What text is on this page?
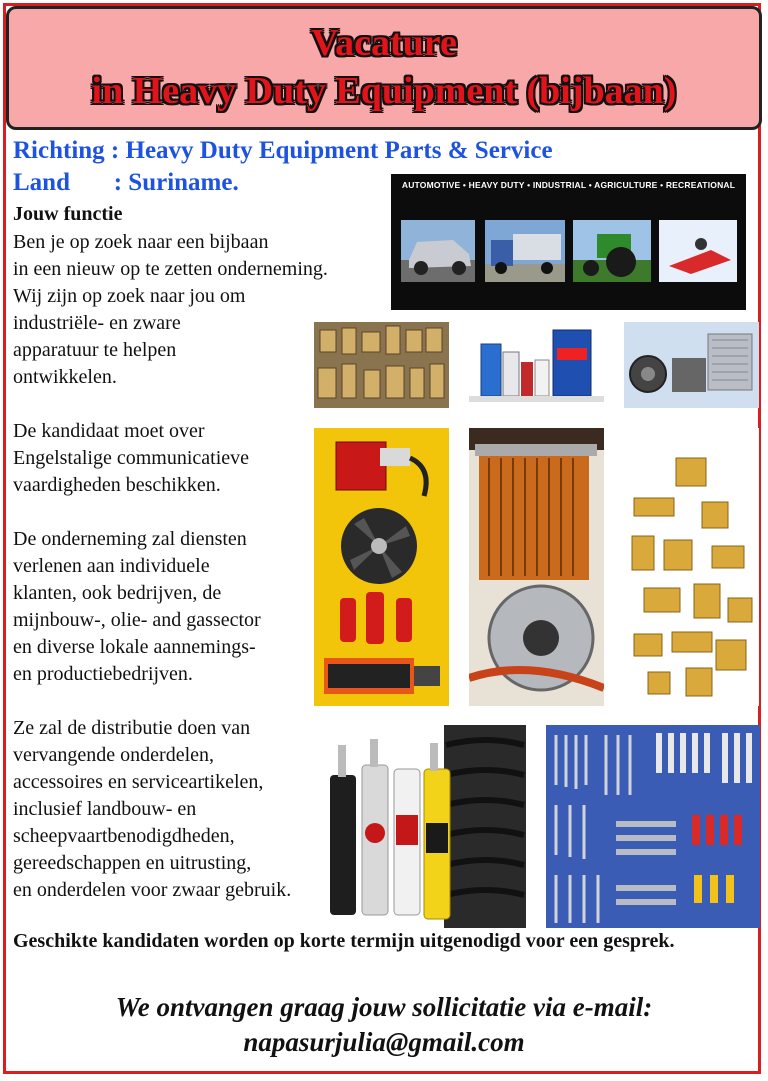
Vacature
in Heavy Duty Equipment (bijbaan)
Richting : Heavy Duty Equipment Parts & Service
Land       : Suriname.
Jouw functie
Ben je op zoek naar een bijbaan
in een nieuw op te zetten onderneming.
Wij zijn op zoek naar jou om
industriële- en zware
apparatuur te helpen
ontwikkelen.
De kandidaat moet over
Engelstalige communicatieve
vaardigheden beschikken.
De onderneming zal diensten
verlenen aan individuele
klanten, ook bedrijven, de
mijnbouw-, olie- and gassector
en diverse lokale aannemings-
en productiebedrijven.
Ze zal de distributie doen van
vervangende onderdelen,
accessoires en serviceartikelen,
inclusief landbouw- en
scheepvaartbenodigdheden,
gereedschappen en uitrusting,
en onderdelen voor zwaar gebruik.
Geschikte kandidaten worden op korte termijn uitgenodigd voor een gesprek.
We ontvangen graag jouw sollicitatie via e-mail:
napasurjulia@gmail.com
AUTOMOTIVE • HEAVY DUTY • INDUSTRIAL • AGRICULTURE • RECREATIONAL
